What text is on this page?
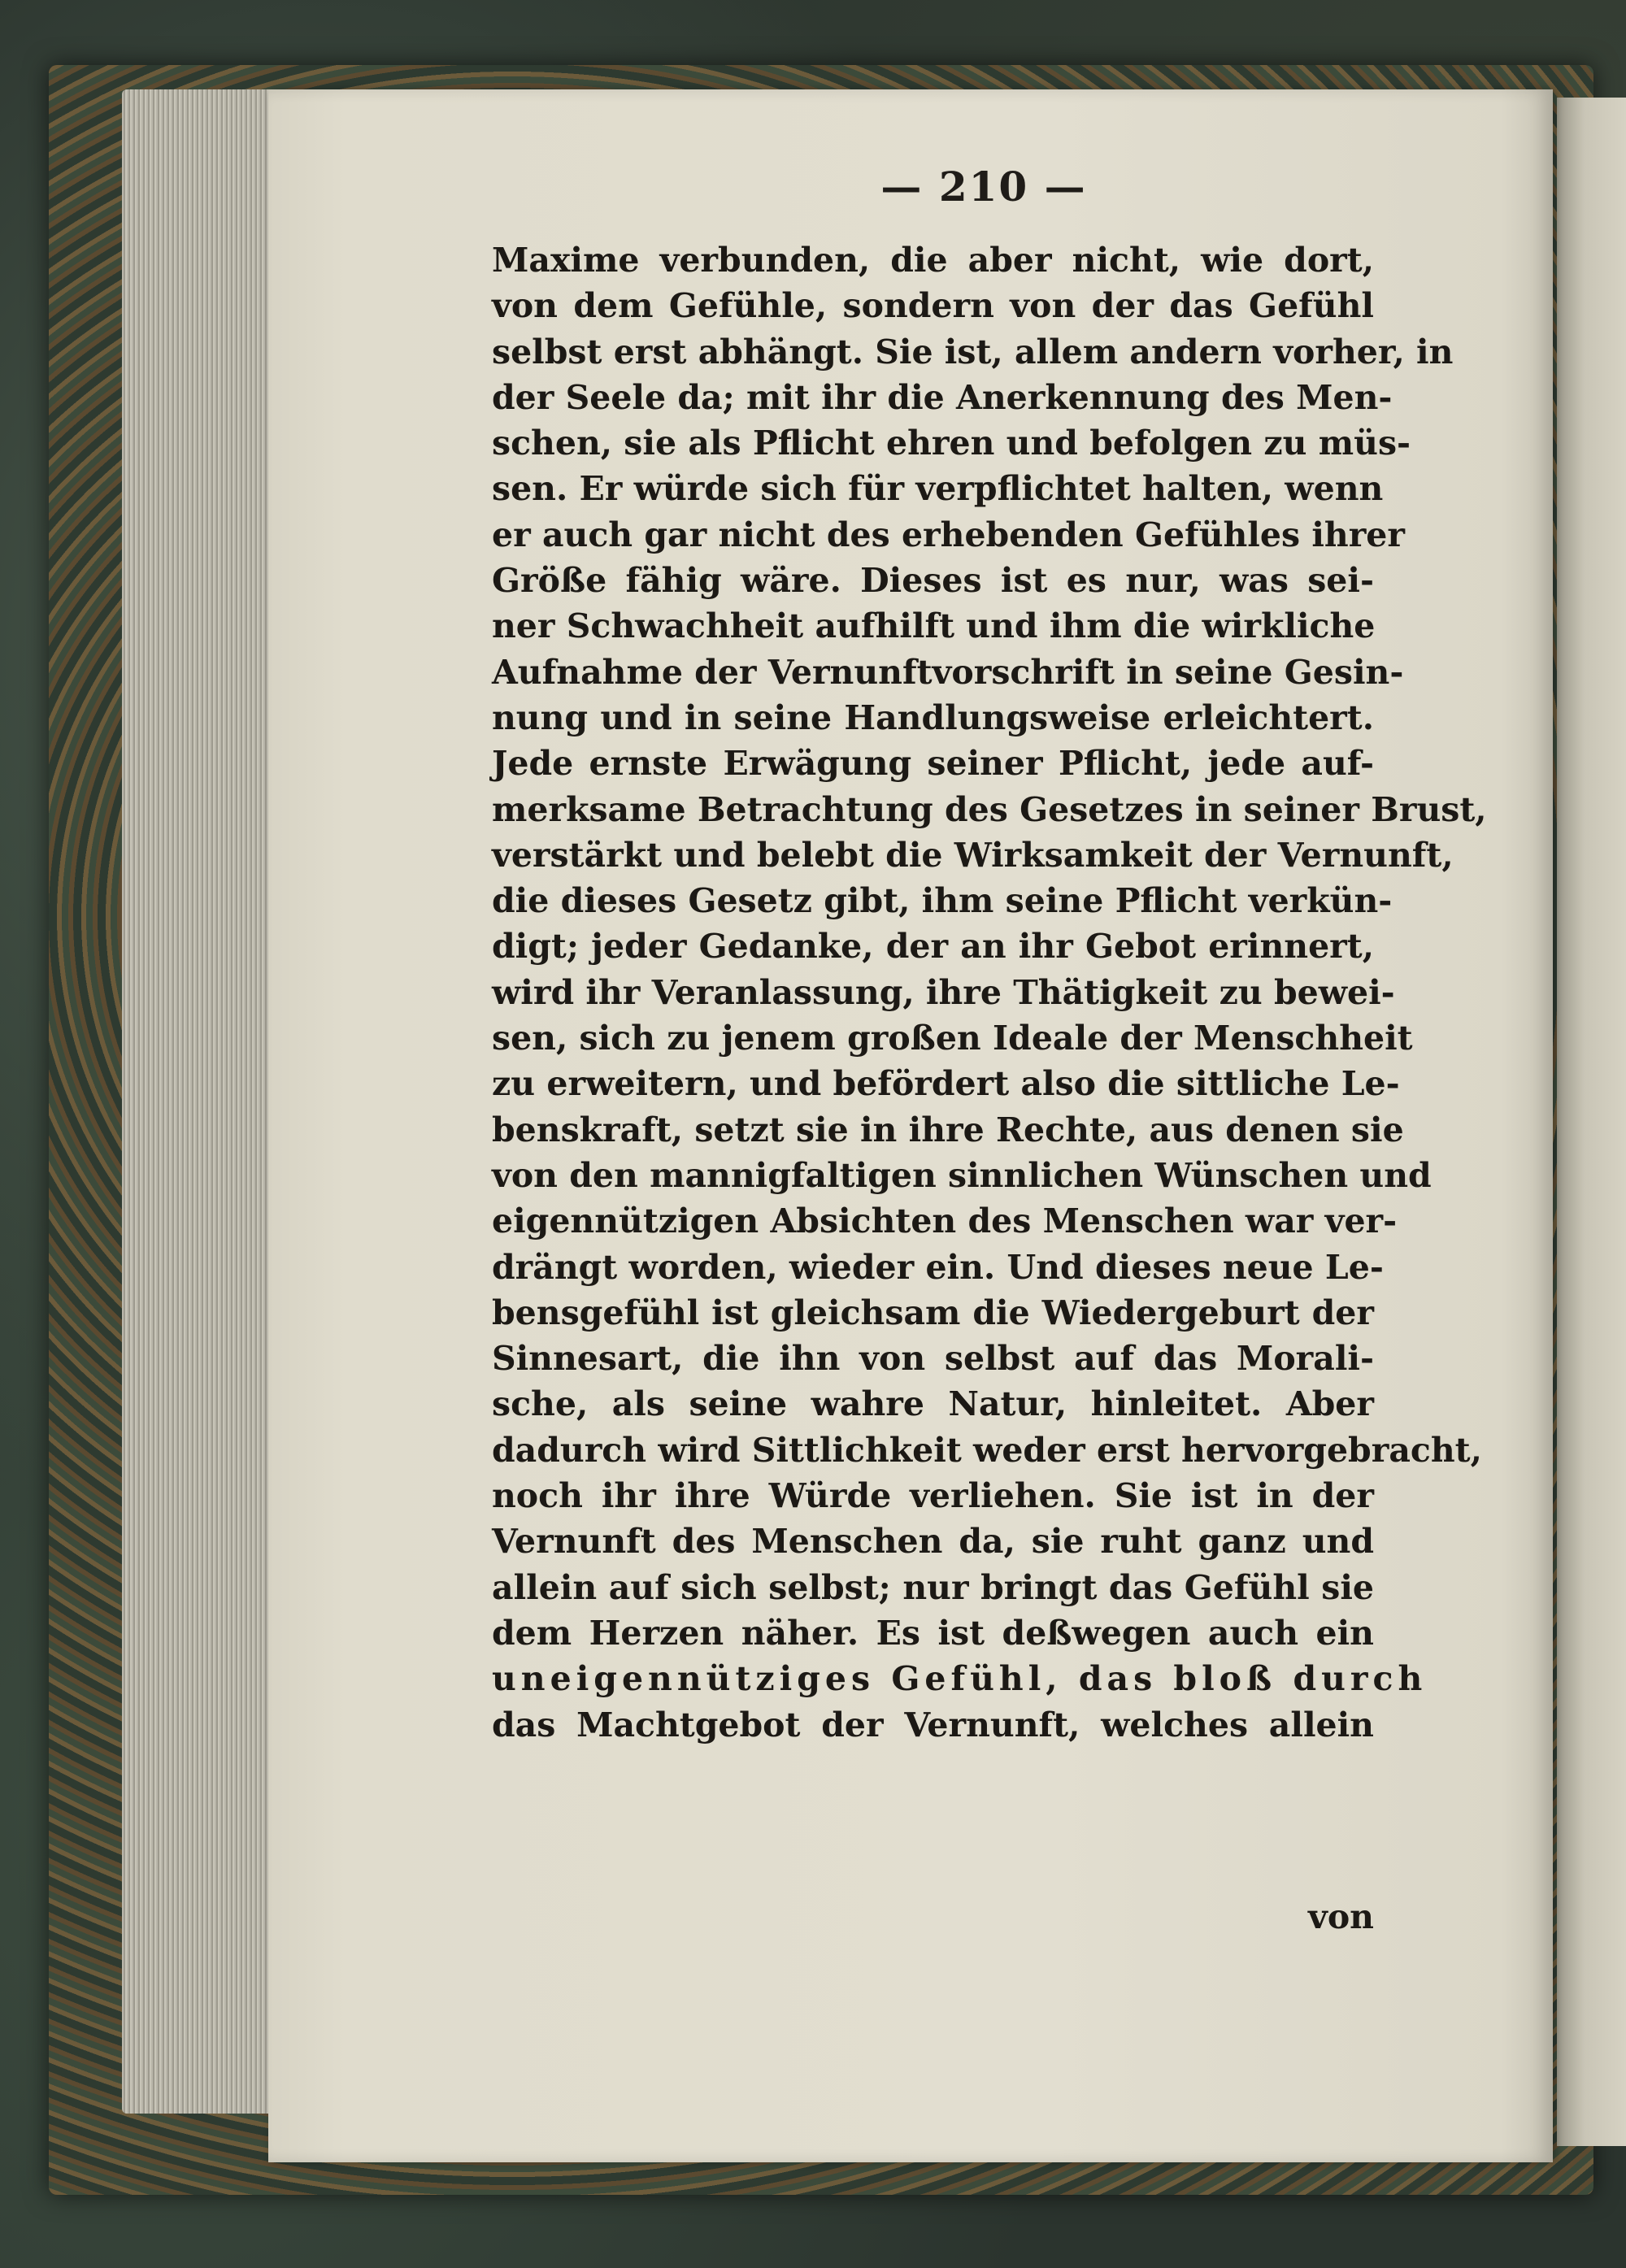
— 210 —
Maxime verbunden, die aber nicht, wie dort,
von dem Gefühle, sondern von der das Gefühl
selbst erst abhängt. Sie ist, allem andern vorher, in
der Seele da; mit ihr die Anerkennung des Men-
schen, sie als Pflicht ehren und befolgen zu müs-
sen. Er würde sich für verpflichtet halten, wenn
er auch gar nicht des erhebenden Gefühles ihrer
Größe fähig wäre. Dieses ist es nur, was sei-
ner Schwachheit aufhilft und ihm die wirkliche
Aufnahme der Vernunftvorschrift in seine Gesin-
nung und in seine Handlungsweise erleichtert.
Jede ernste Erwägung seiner Pflicht, jede auf-
merksame Betrachtung des Gesetzes in seiner Brust,
verstärkt und belebt die Wirksamkeit der Vernunft,
die dieses Gesetz gibt, ihm seine Pflicht verkün-
digt; jeder Gedanke, der an ihr Gebot erinnert,
wird ihr Veranlassung, ihre Thätigkeit zu bewei-
sen, sich zu jenem großen Ideale der Menschheit
zu erweitern, und befördert also die sittliche Le-
benskraft, setzt sie in ihre Rechte, aus denen sie
von den mannigfaltigen sinnlichen Wünschen und
eigennützigen Absichten des Menschen war ver-
drängt worden, wieder ein. Und dieses neue Le-
bensgefühl ist gleichsam die Wiedergeburt der
Sinnesart, die ihn von selbst auf das Morali-
sche, als seine wahre Natur, hinleitet. Aber
dadurch wird Sittlichkeit weder erst hervorgebracht,
noch ihr ihre Würde verliehen. Sie ist in der
Vernunft des Menschen da, sie ruht ganz und
allein auf sich selbst; nur bringt das Gefühl sie
dem Herzen näher. Es ist deßwegen auch ein
uneigennütziges Gefühl, das bloß durch
das Machtgebot der Vernunft, welches allein
von
